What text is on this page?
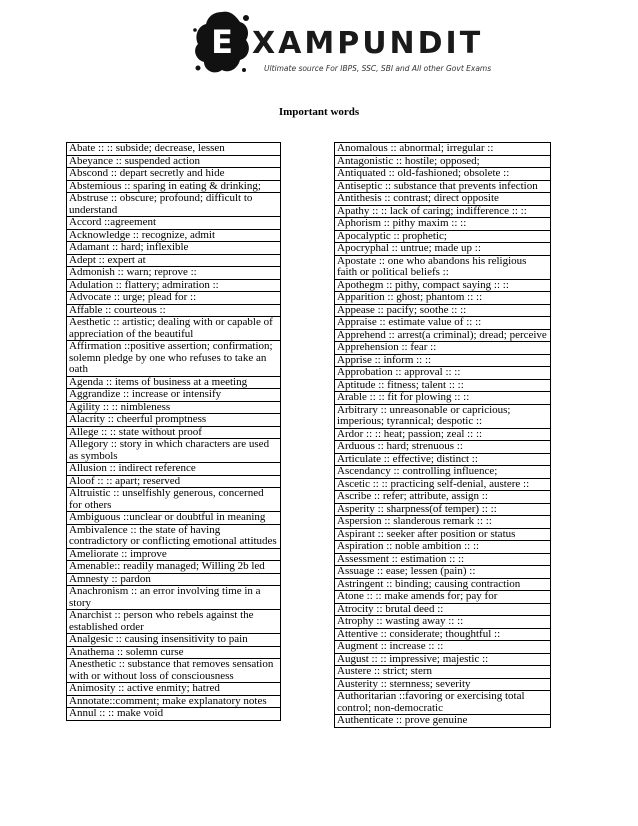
E XAMPUNDIT
Ultimate source For IBPS, SSC, SBI and All other Govt Exams
Important words
Abate :: :: subside; decrease, lessen
Abeyance :: suspended action
Abscond :: depart secretly and hide
Abstemious :: sparing in eating & drinking;
Abstruse :: obscure; profound; difficult to understand
Accord ::agreement
Acknowledge :: recognize, admit
Adamant :: hard; inflexible
Adept :: expert at
Admonish :: warn; reprove ::
Adulation :: flattery; admiration ::
Advocate :: urge; plead for ::
Affable :: courteous ::
Aesthetic :: artistic; dealing with or capable of appreciation of the beautiful
Affirmation ::positive assertion; confirmation; solemn pledge by one who refuses to take an oath
Agenda :: items of business at a meeting
Aggrandize :: increase or intensify
Agility :: :: nimbleness
Alacrity :: cheerful promptness
Allege :: :: state without proof
Allegory :: story in which characters are used as symbols
Allusion :: indirect reference
Aloof :: :: apart; reserved
Altruistic :: unselfishly generous, concerned for others
Ambiguous ::unclear or doubtful in meaning
Ambivalence :: the state of having contradictory or conflicting emotional attitudes
Ameliorate :: improve
Amenable:: readily managed; Willing 2b led
Amnesty :: pardon
Anachronism :: an error involving time in a story
Anarchist :: person who rebels against the established order
Analgesic :: causing insensitivity to pain
Anathema :: solemn curse
Anesthetic :: substance that removes sensation with or without loss of consciousness
Animosity :: active enmity; hatred
Annotate::comment; make explanatory notes
Annul :: :: make void
Anomalous :: abnormal; irregular ::
Antagonistic :: hostile; opposed;
Antiquated :: old-fashioned; obsolete ::
Antiseptic :: substance that prevents infection
Antithesis :: contrast; direct opposite
Apathy :: :: lack of caring; indifference :: ::
Aphorism :: pithy maxim :: ::
Apocalyptic :: prophetic;
Apocryphal :: untrue; made up ::
Apostate :: one who abandons his religious faith or political beliefs ::
Apothegm :: pithy, compact saying :: ::
Apparition :: ghost; phantom :: ::
Appease :: pacify; soothe :: ::
Appraise :: estimate value of :: ::
Apprehend :: arrest(a criminal); dread; perceive
Apprehension :: fear ::
Apprise :: inform :: ::
Approbation :: approval :: ::
Aptitude :: fitness; talent :: ::
Arable :: :: fit for plowing :: ::
Arbitrary :: unreasonable or capricious; imperious; tyrannical; despotic ::
Ardor :: :: heat; passion; zeal :: ::
Arduous :: hard; strenuous ::
Articulate :: effective; distinct ::
Ascendancy :: controlling influence;
Ascetic :: :: practicing self-denial, austere ::
Ascribe :: refer; attribute, assign ::
Asperity :: sharpness(of temper) :: ::
Aspersion :: slanderous remark :: ::
Aspirant :: seeker after position or status
Aspiration :: noble ambition :: ::
Assessment :: estimation :: ::
Assuage :: ease; lessen (pain) ::
Astringent :: binding; causing contraction
Atone :: :: make amends for; pay for
Atrocity :: brutal deed ::
Atrophy :: wasting away :: ::
Attentive :: considerate; thoughtful ::
Augment :: increase :: ::
August :: :: impressive; majestic ::
Austere :: strict; stern
Austerity :: sternness; severity
Authoritarian ::favoring or exercising total control; non-democratic
Authenticate :: prove genuine
